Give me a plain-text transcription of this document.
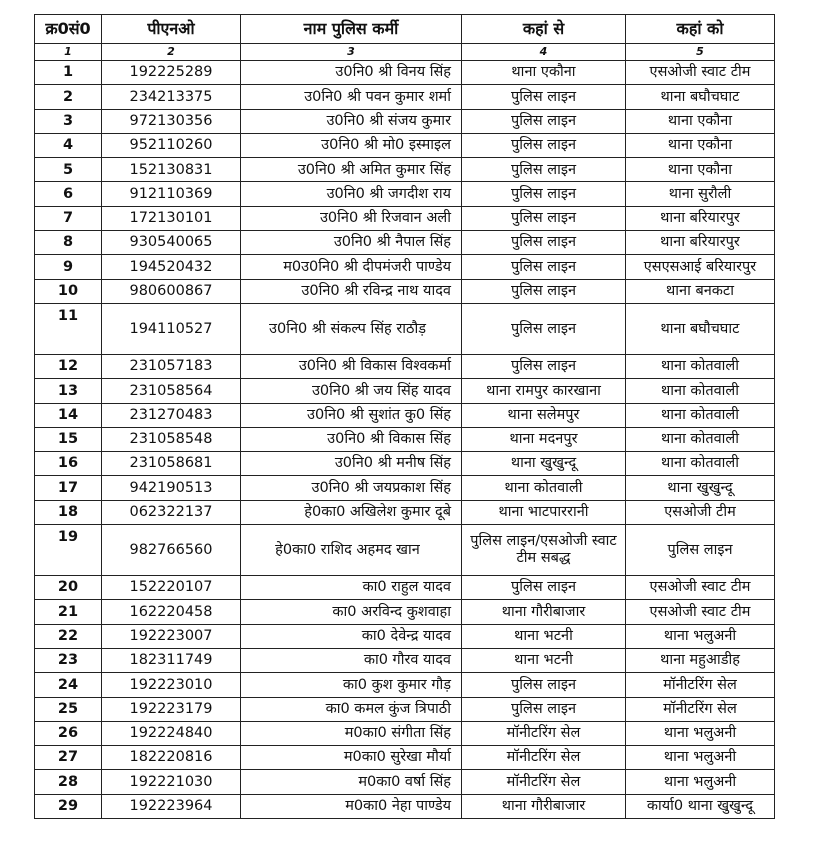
क्र0सं0	पीएनओ	नाम पुलिस कर्मी	कहां से	कहां को
1	2	3	4	5
1	192225289	उ0नि0 श्री विनय सिंह	थाना एकौना	एसओजी स्वाट टीम
2	234213375	उ0नि0 श्री पवन कुमार शर्मा	पुलिस लाइन	थाना बघौचघाट
3	972130356	उ0नि0 श्री संजय कुमार	पुलिस लाइन	थाना एकौना
4	952110260	उ0नि0 श्री मो0 इस्माइल	पुलिस लाइन	थाना एकौना
5	152130831	उ0नि0 श्री अमित कुमार सिंह	पुलिस लाइन	थाना एकौना
6	912110369	उ0नि0 श्री जगदीश राय	पुलिस लाइन	थाना सुरौली
7	172130101	उ0नि0 श्री रिजवान अली	पुलिस लाइन	थाना बरियारपुर
8	930540065	उ0नि0 श्री नैपाल सिंह	पुलिस लाइन	थाना बरियारपुर
9	194520432	म0उ0नि0 श्री दीपमंजरी पाण्डेय	पुलिस लाइन	एसएसआई बरियारपुर
10	980600867	उ0नि0 श्री रविन्द्र नाथ यादव	पुलिस लाइन	थाना बनकटा
11	194110527	उ0नि0 श्री संकल्प सिंह राठौड़	पुलिस लाइन	थाना बघौचघाट
12	231057183	उ0नि0 श्री विकास विश्वकर्मा	पुलिस लाइन	थाना कोतवाली
13	231058564	उ0नि0 श्री जय सिंह यादव	थाना रामपुर कारखाना	थाना कोतवाली
14	231270483	उ0नि0 श्री सुशांत कु0 सिंह	थाना सलेमपुर	थाना कोतवाली
15	231058548	उ0नि0 श्री विकास सिंह	थाना मदनपुर	थाना कोतवाली
16	231058681	उ0नि0 श्री मनीष सिंह	थाना खुखुन्दू	थाना कोतवाली
17	942190513	उ0नि0 श्री जयप्रकाश सिंह	थाना कोतवाली	थाना खुखुन्दू
18	062322137	हे0का0 अखिलेश कुमार दूबे	थाना भाटपाररानी	एसओजी टीम
19	982766560	हे0का0 राशिद अहमद खान	पुलिस लाइन/एसओजी स्वाट टीम सबद्ध	पुलिस लाइन
20	152220107	का0 राहुल यादव	पुलिस लाइन	एसओजी स्वाट टीम
21	162220458	का0 अरविन्द कुशवाहा	थाना गौरीबाजार	एसओजी स्वाट टीम
22	192223007	का0 देवेन्द्र यादव	थाना भटनी	थाना भलुअनी
23	182311749	का0 गौरव यादव	थाना भटनी	थाना महुआडीह
24	192223010	का0 कुश कुमार गौड़	पुलिस लाइन	मॉनीटरिंग सेल
25	192223179	का0 कमल कुंज त्रिपाठी	पुलिस लाइन	मॉनीटरिंग सेल
26	192224840	म0का0 संगीता सिंह	मॉनीटरिंग सेल	थाना भलुअनी
27	182220816	म0का0 सुरेखा मौर्या	मॉनीटरिंग सेल	थाना भलुअनी
28	192221030	म0का0 वर्षा सिंह	मॉनीटरिंग सेल	थाना भलुअनी
29	192223964	म0का0 नेहा पाण्डेय	थाना गौरीबाजार	कार्या0 थाना खुखुन्दू
